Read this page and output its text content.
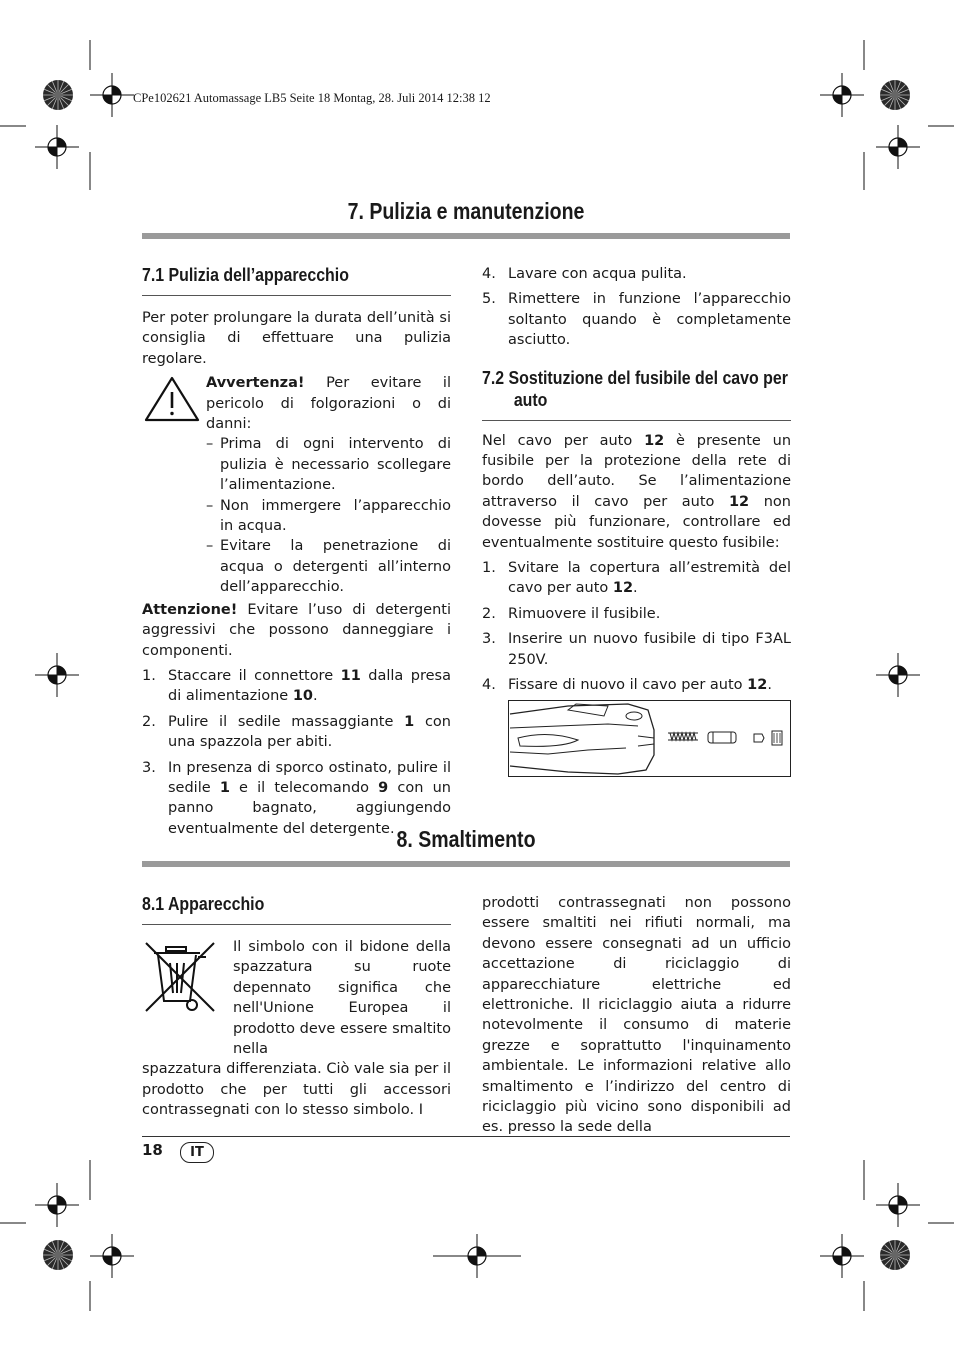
CPe102621 Automassage LB5 Seite 18 Montag, 28. Juli 2014 12:38 12
7. Pulizia e manutenzione
7.1 Pulizia dell’apparecchio
Per poter prolungare la durata dell’unità si consiglia di effettuare una pulizia regolare.
Avvertenza! Per evitare il pericolo di folgorazioni o di danni:
– Prima di ogni intervento di pulizia è necessario scollegare l’alimentazione.
– Non immergere l’apparecchio in acqua.
– Evitare la penetrazione di acqua o detergenti all’interno dell’apparecchio.
Attenzione! Evitare l’uso di detergenti aggressivi che possono danneggiare i componenti.
1. Staccare il connettore 11 dalla presa di alimentazione 10.
2. Pulire il sedile massaggiante 1 con una spazzola per abiti.
3. In presenza di sporco ostinato, pulire il sedile 1 e il telecomando 9 con un panno bagnato, aggiungendo eventualmente del detergente.
4. Lavare con acqua pulita.
5. Rimettere in funzione l’apparecchio soltanto quando è completamente asciutto.
7.2 Sostituzione del fusibile del cavo per
auto
Nel cavo per auto 12 è presente un fusibile per la protezione della rete di bordo dell’auto. Se l’alimentazione attraverso il cavo per auto 12 non dovesse più funzionare, controllare ed eventualmente sostituire questo fusibile:
1. Svitare la copertura all’estremità del cavo per auto 12.
2. Rimuovere il fusibile.
3. Inserire un nuovo fusibile di tipo F3AL 250V.
4. Fissare di nuovo il cavo per auto 12.
8. Smaltimento
8.1 Apparecchio
Il simbolo con il bidone della spazzatura su ruote depennato significa che nell'Unione Europea il prodotto deve essere smaltito nella
spazzatura differenziata. Ciò vale sia per il prodotto che per tutti gli accessori contrassegnati con lo stesso simbolo. I
prodotti contrassegnati non possono essere smaltiti nei rifiuti normali, ma devono essere consegnati ad un ufficio accettazione di riciclaggio di apparecchiature elettriche ed elettroniche. Il riciclaggio aiuta a ridurre notevolmente il consumo di materie grezze e soprattutto l'inquinamento ambientale. Le informazioni relative allo smaltimento e l’indirizzo del centro di riciclaggio più vicino sono disponibili ad es. presso la sede della
18	IT
